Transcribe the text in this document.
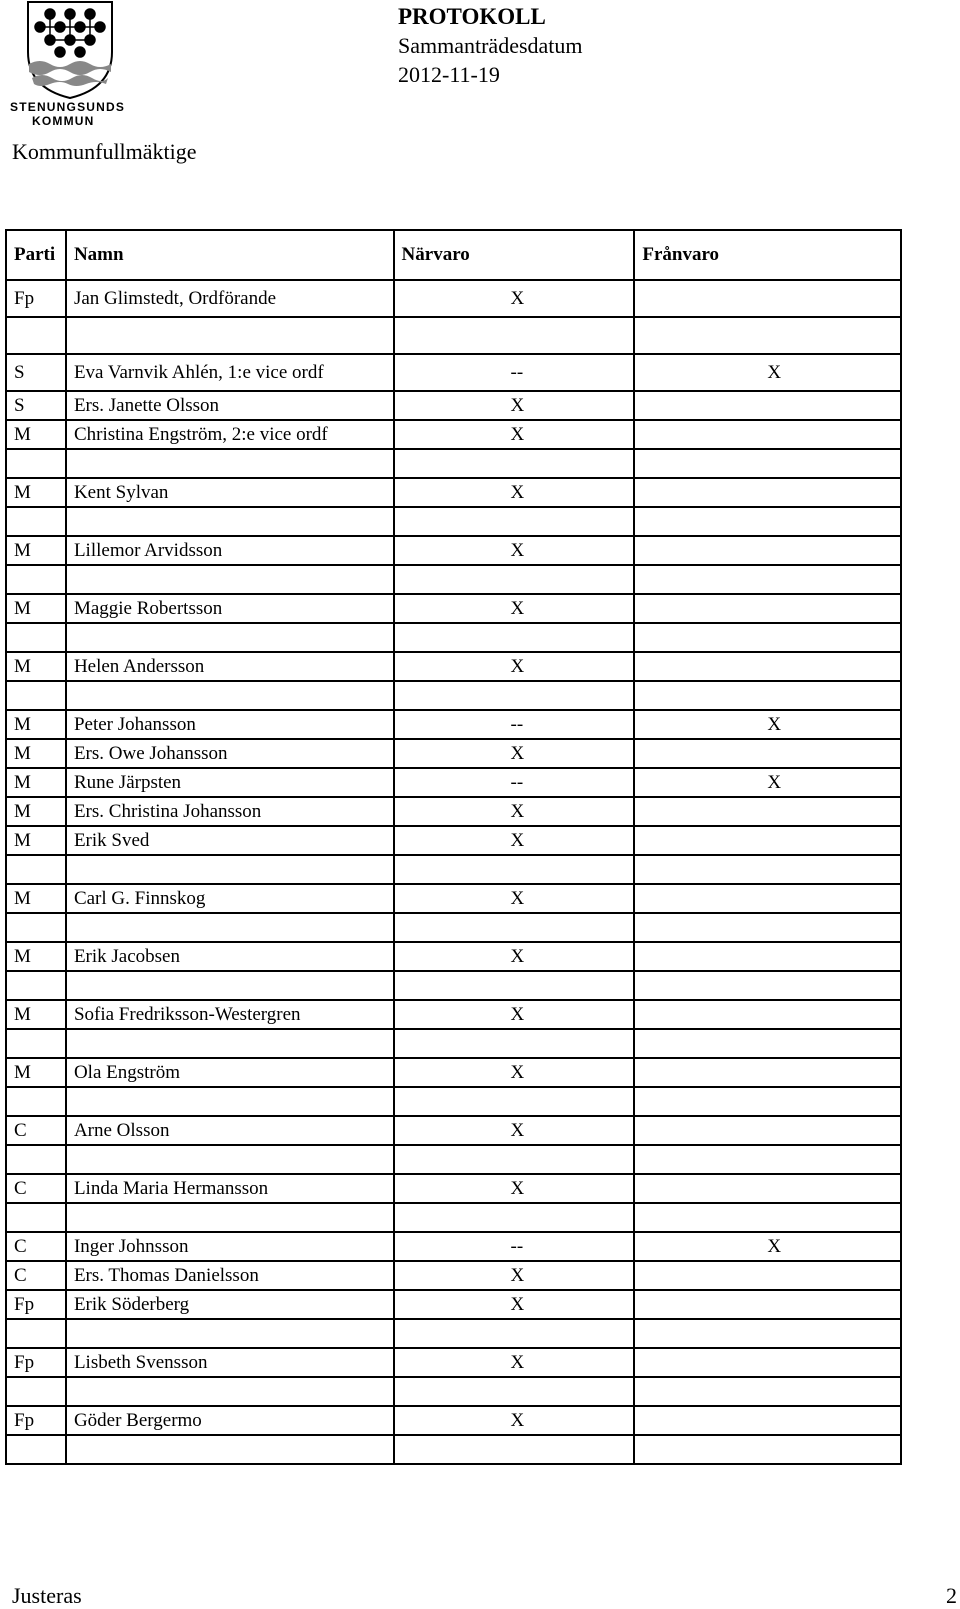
STENUNGSUNDS
KOMMUN
PROTOKOLL
Sammanträdesdatum
2012-11-19
Kommunfullmäktige
Parti	Namn	Närvaro	Frånvaro
Fp	Jan Glimstedt, Ordförande	X	

S	Eva Varnvik Ahlén, 1:e vice ordf	--	X
S	Ers. Janette Olsson	X	
M	Christina Engström, 2:e vice ordf	X	

M	Kent Sylvan	X	

M	Lillemor Arvidsson	X	

M	Maggie Robertsson	X	

M	Helen Andersson	X	

M	Peter Johansson	--	X
M	Ers. Owe Johansson	X	
M	Rune Järpsten	--	X
M	Ers. Christina Johansson	X	
M	Erik Sved	X	

M	Carl G. Finnskog	X	

M	Erik Jacobsen	X	

M	Sofia Fredriksson-Westergren	X	

M	Ola Engström	X	

C	Arne Olsson	X	

C	Linda Maria Hermansson	X	

C	Inger Johnsson	--	X
C	Ers. Thomas Danielsson	X	
Fp	Erik Söderberg	X	

Fp	Lisbeth Svensson	X	

Fp	Göder Bergermo	X	

Justeras	2
